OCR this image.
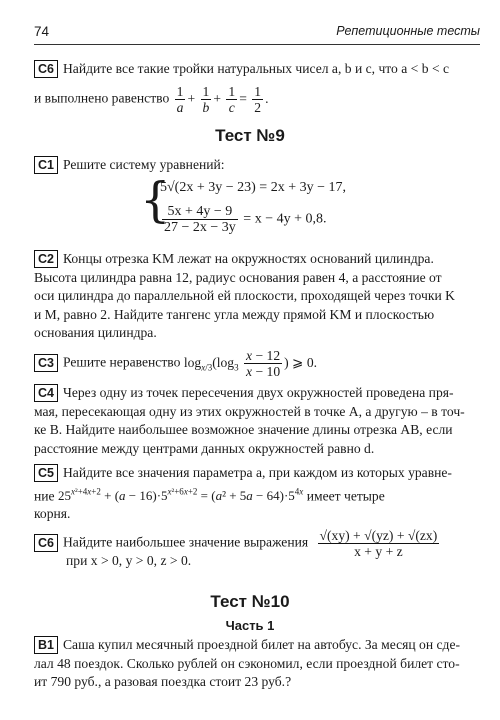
74	Репетиционные тесты
C6 Найдите все такие тройки натуральных чисел a, b и c, что a < b < c
и выполнено равенство $\frac{1}{a} + \frac{1}{b} + \frac{1}{c} = \frac{1}{2}$ .
Тест №9
C1 Решите систему уравнений:
{
5√(2x + 3y − 23) = 2x + 3y − 17,
$\frac{5x + 4y - 9}{27 - 2x - 3y} = x - 4y + 0,8$.
C2 Концы отрезка KM лежат на окружностях оснований цилиндра.
Высота цилиндра равна 12, радиус основания равен 4, а расстояние от
оси цилиндра до параллельной ей плоскости, проходящей через точки K
и M, равно 2. Найдите тангенс угла между прямой KM и плоскостью
основания цилиндра.
C3 Решите неравенство $\log_{x/3}(\log_3 \frac{x - 12}{x - 10}$ ) ⩾ 0.
C4 Через одну из точек пересечения двух окружностей проведена пря-
мая, пересекающая одну из этих окружностей в точке A, а другую – в точ-
ке B. Найдите наибольшее возможное значение длины отрезка AB, если
расстояние между центрами данных окружностей равно d.
C5 Найдите все значения параметра a, при каждом из которых уравне-
ние $25^{x^2+4x+2} + (a - 16)\cdot 5^{x^2+6x+2} = (a^2 + 5a - 64)\cdot 5^{4x}$ имеет четыре
корня.
C6 Найдите наибольшее значение выражения $\frac{√(xy) + √(yz) + √(zx)}{x + y + z}$
при x > 0, y > 0, z > 0.
Тест №10
Часть 1
B1 Саша купил месячный проездной билет на автобус. За месяц он сде-
лал 48 поездок. Сколько рублей он сэкономил, если проездной билет сто-
ит 790 руб., а разовая поездка стоит 23 руб.?
